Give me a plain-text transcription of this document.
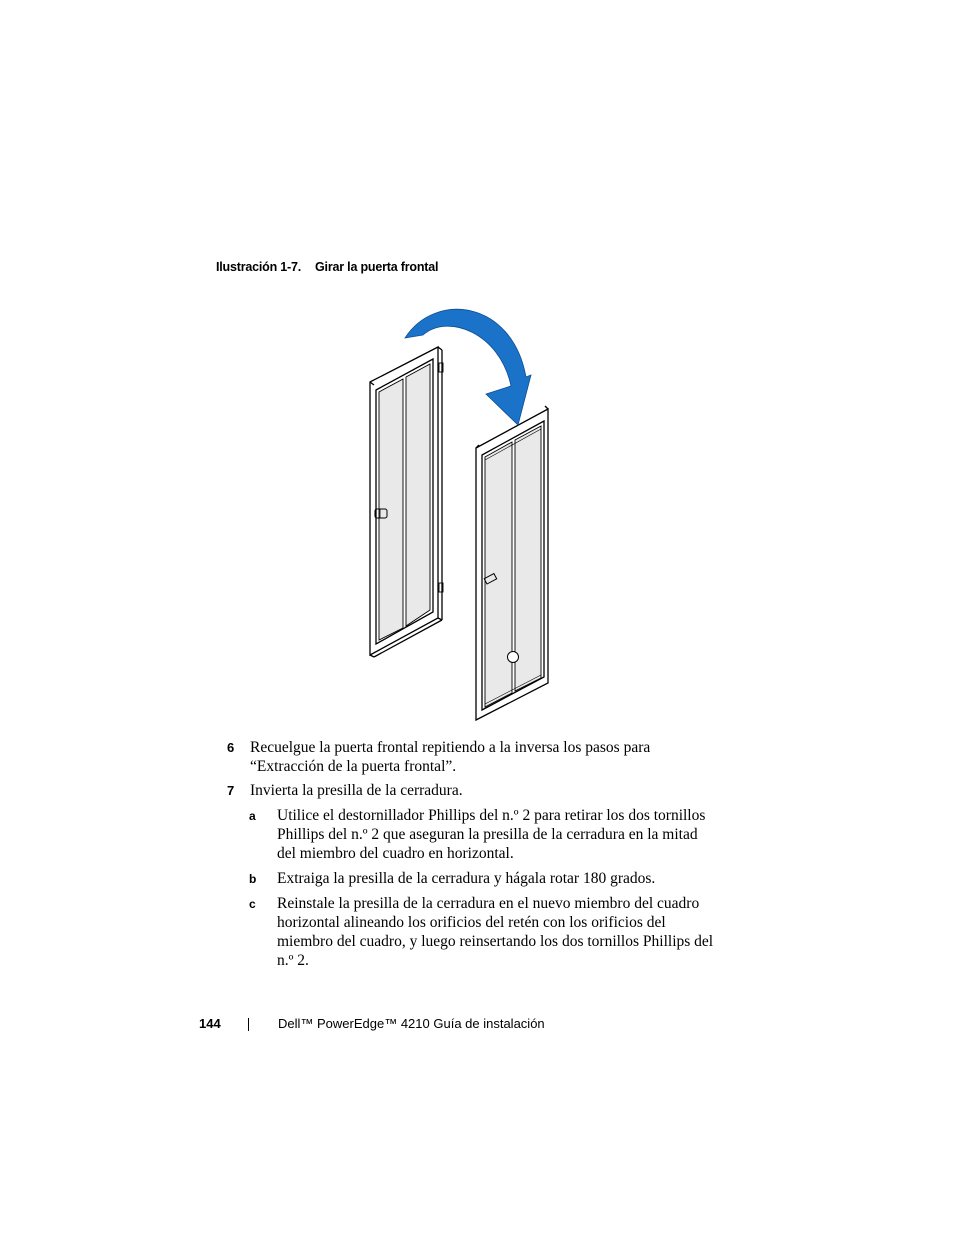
Ilustración 1-7. Girar la puerta frontal
6 Recuelgue la puerta frontal repitiendo a la inversa los pasos para
“Extracción de la puerta frontal”.
7 Invierta la presilla de la cerradura.
a Utilice el destornillador Phillips del n.º 2 para retirar los dos tornillos
Phillips del n.º 2 que aseguran la presilla de la cerradura en la mitad
del miembro del cuadro en horizontal.
b Extraiga la presilla de la cerradura y hágala rotar 180 grados.
c Reinstale la presilla de la cerradura en el nuevo miembro del cuadro
horizontal alineando los orificios del retén con los orificios del
miembro del cuadro, y luego reinsertando los dos tornillos Phillips del
n.º 2.
144	Dell™ PowerEdge™ 4210 Guía de instalación
